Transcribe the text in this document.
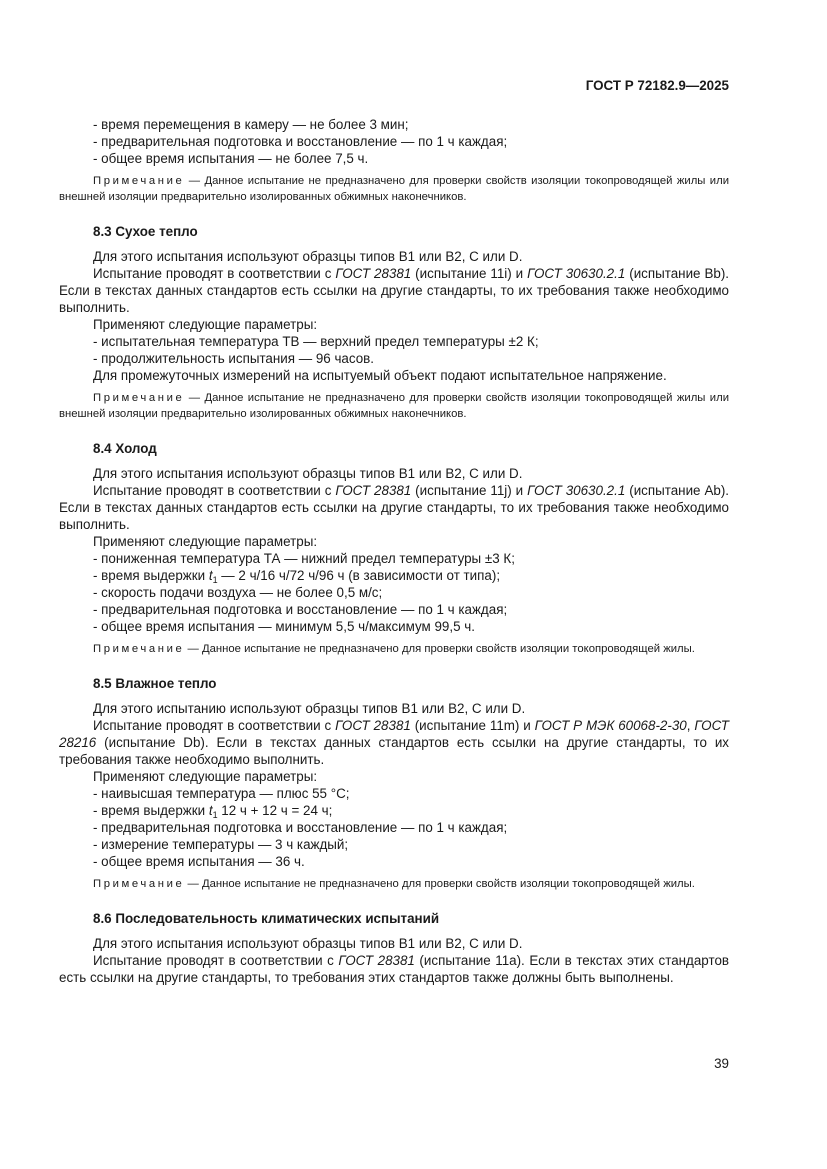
ГОСТ Р 72182.9—2025

- время перемещения в камеру — не более 3 мин;

- предварительная подготовка и восстановление — по 1 ч каждая;

- общее время испытания — не более 7,5 ч.

Примечание — Данное испытание не предназначено для проверки свойств изоляции токопроводящей жилы или внешней изоляции предварительно изолированных обжимных наконечников.

8.3 Сухое тепло

Для этого испытания используют образцы типов В1 или В2, С или D.

Испытание проводят в соответствии с ГОСТ 28381 (испытание 11i) и ГОСТ 30630.2.1 (испытание Bb). Если в текстах данных стандартов есть ссылки на другие стандарты, то их требования также необходимо выполнить.

Применяют следующие параметры:

- испытательная температура ТВ — верхний предел температуры ±2 К;

- продолжительность испытания — 96 часов.

Для промежуточных измерений на испытуемый объект подают испытательное напряжение.

Примечание — Данное испытание не предназначено для проверки свойств изоляции токопроводящей жилы или внешней изоляции предварительно изолированных обжимных наконечников.

8.4 Холод

Для этого испытания используют образцы типов В1 или В2, С или D.

Испытание проводят в соответствии с ГОСТ 28381 (испытание 11j) и ГОСТ 30630.2.1 (испытание Ab). Если в текстах данных стандартов есть ссылки на другие стандарты, то их требования также необходимо выполнить.

Применяют следующие параметры:

- пониженная температура ТА — нижний предел температуры ±3 К;

- время выдержки $t_1$ — 2 ч/16 ч/72 ч/96 ч (в зависимости от типа);

- скорость подачи воздуха — не более 0,5 м/с;

- предварительная подготовка и восстановление — по 1 ч каждая;

- общее время испытания — минимум 5,5 ч/максимум 99,5 ч.

Примечание — Данное испытание не предназначено для проверки свойств изоляции токопроводящей жилы.

8.5 Влажное тепло

Для этого испытанию используют образцы типов В1 или В2, С или D.

Испытание проводят в соответствии с ГОСТ 28381 (испытание 11m) и ГОСТ Р МЭК 60068-2-30, ГОСТ 28216 (испытание Db). Если в текстах данных стандартов есть ссылки на другие стандарты, то их требования также необходимо выполнить.

Применяют следующие параметры:

- наивысшая температура — плюс 55 °С;

- время выдержки $t_1$ 12 ч + 12 ч = 24 ч;

- предварительная подготовка и восстановление — по 1 ч каждая;

- измерение температуры — 3 ч каждый;

- общее время испытания — 36 ч.

Примечание — Данное испытание не предназначено для проверки свойств изоляции токопроводящей жилы.

8.6 Последовательность климатических испытаний

Для этого испытания используют образцы типов В1 или В2, С или D.

Испытание проводят в соответствии с ГОСТ 28381 (испытание 11a). Если в текстах этих стандартов есть ссылки на другие стандарты, то требования этих стандартов также должны быть выполнены.

39
